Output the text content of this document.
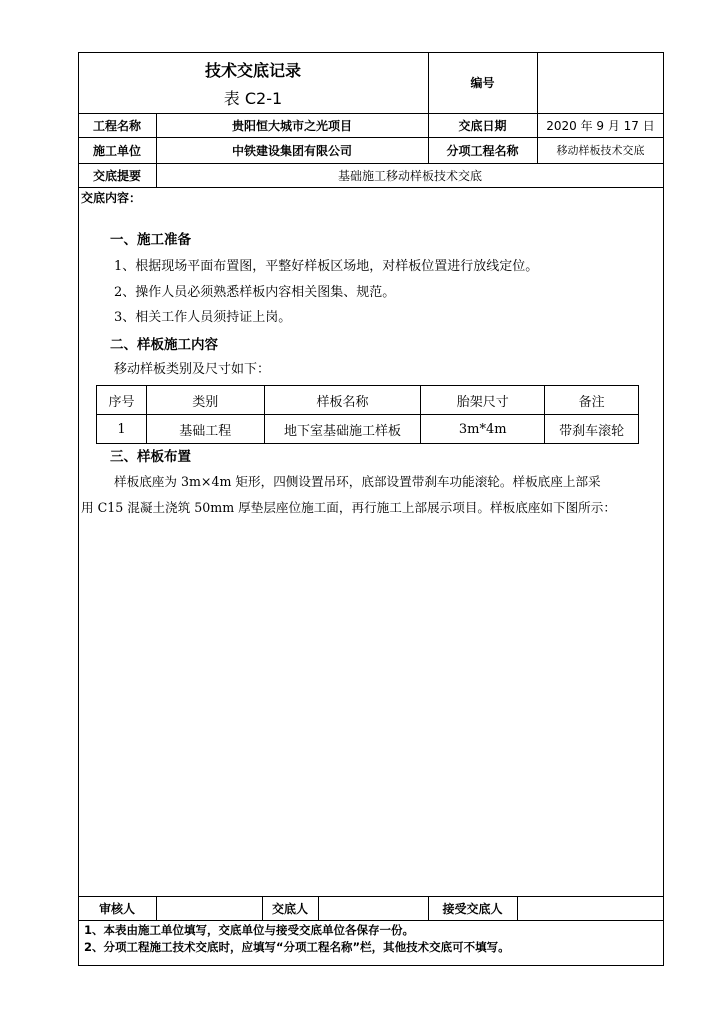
技术交底记录
表 C2-1
编号
工程名称	贵阳恒大城市之光项目	交底日期	2020 年 9 月 17 日
施工单位	中铁建设集团有限公司	分项工程名称	移动样板技术交底
交底提要	基础施工移动样板技术交底
交底内容：
一、施工准备
1、根据现场平面布置图，平整好样板区场地，对样板位置进行放线定位。
2、操作人员必须熟悉样板内容相关图集、规范。
3、相关工作人员须持证上岗。
二、样板施工内容
移动样板类别及尺寸如下：
序号	类别	样板名称	胎架尺寸	备注
1	基础工程	地下室基础施工样板	3m*4m	带刹车滚轮
三、样板布置
样板底座为 3m×4m 矩形，四侧设置吊环，底部设置带刹车功能滚轮。样板底座上部采
用 C15 混凝土浇筑 50mm 厚垫层座位施工面，再行施工上部展示项目。样板底座如下图所示：
审核人	交底人	接受交底人
1、本表由施工单位填写，交底单位与接受交底单位各保存一份。
2、分项工程施工技术交底时，应填写“分项工程名称”栏，其他技术交底可不填写。
